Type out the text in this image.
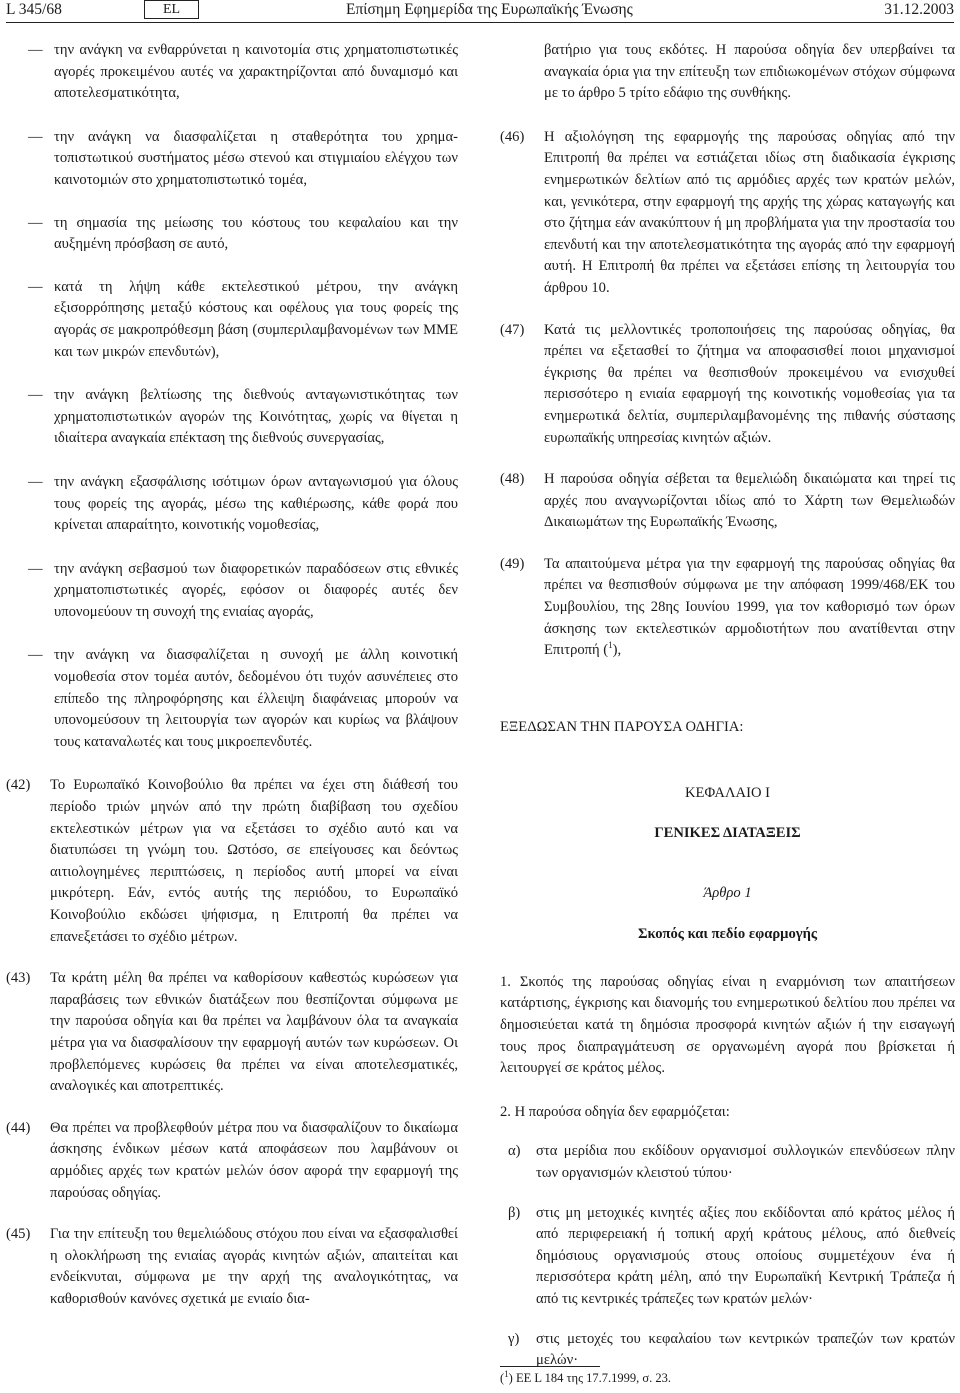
L 345/68	EL	Επίσημη Εφημερίδα της Ευρωπαϊκής Ένωσης	31.12.2003

— την ανάγκη να ενθαρρύνεται η καινοτομία στις χρηματοπιστωτικές αγορές προκειμένου αυτές να χαρακτηρίζονται από δυναμισμό και αποτελεσματικότητα,

— την ανάγκη να διασφαλίζεται η σταθερότητα του χρηματοπιστωτικού συστήματος μέσω στενού και στιγμιαίου ελέγχου των καινοτομιών στο χρηματοπιστωτικό τομέα,

— τη σημασία της μείωσης του κόστους του κεφαλαίου και την αυξημένη πρόσβαση σε αυτό,

— κατά τη λήψη κάθε εκτελεστικού μέτρου, την ανάγκη εξισορρόπησης μεταξύ κόστους και οφέλους για τους φορείς της αγοράς σε μακροπρόθεσμη βάση (συμπεριλαμβανομένων των ΜΜΕ και των μικρών επενδυτών),

— την ανάγκη βελτίωσης της διεθνούς ανταγωνιστικότητας των χρηματοπιστωτικών αγορών της Κοινότητας, χωρίς να θίγεται η ιδιαίτερα αναγκαία επέκταση της διεθνούς συνεργασίας,

— την ανάγκη εξασφάλισης ισότιμων όρων ανταγωνισμού για όλους τους φορείς της αγοράς, μέσω της καθιέρωσης, κάθε φορά που κρίνεται απαραίτητο, κοινοτικής νομοθεσίας,

— την ανάγκη σεβασμού των διαφορετικών παραδόσεων στις εθνικές χρηματοπιστωτικές αγορές, εφόσον οι διαφορές αυτές δεν υπονομεύουν τη συνοχή της ενιαίας αγοράς,

— την ανάγκη να διασφαλίζεται η συνοχή με άλλη κοινοτική νομοθεσία στον τομέα αυτόν, δεδομένου ότι τυχόν ασυνέπειες στο επίπεδο της πληροφόρησης και έλλειψη διαφάνειας μπορούν να υπονομεύσουν τη λειτουργία των αγορών και κυρίως να βλάψουν τους καταναλωτές και τους μικροεπενδυτές.

(42) Το Ευρωπαϊκό Κοινοβούλιο θα πρέπει να έχει στη διάθεσή του περίοδο τριών μηνών από την πρώτη διαβίβαση του σχεδίου εκτελεστικών μέτρων για να εξετάσει το σχέδιο αυτό και να διατυπώσει τη γνώμη του. Ωστόσο, σε επείγουσες και δεόντως αιτιολογημένες περιπτώσεις, η περίοδος αυτή μπορεί να είναι μικρότερη. Εάν, εντός αυτής της περιόδου, το Ευρωπαϊκό Κοινοβούλιο εκδώσει ψήφισμα, η Επιτροπή θα πρέπει να επανεξετάσει το σχέδιο μέτρων.

(43) Τα κράτη μέλη θα πρέπει να καθορίσουν καθεστώς κυρώσεων για παραβάσεις των εθνικών διατάξεων που θεσπίζονται σύμφωνα με την παρούσα οδηγία και θα πρέπει να λαμβάνουν όλα τα αναγκαία μέτρα για να διασφαλίσουν την εφαρμογή αυτών των κυρώσεων. Οι προβλεπόμενες κυρώσεις θα πρέπει να είναι αποτελεσματικές, αναλογικές και αποτρεπτικές.

(44) Θα πρέπει να προβλεφθούν μέτρα που να διασφαλίζουν το δικαίωμα άσκησης ένδικων μέσων κατά αποφάσεων που λαμβάνουν οι αρμόδιες αρχές των κρατών μελών όσον αφορά την εφαρμογή της παρούσας οδηγίας.

(45) Για την επίτευξη του θεμελιώδους στόχου που είναι να εξασφαλισθεί η ολοκλήρωση της ενιαίας αγοράς κινητών αξιών, απαιτείται και ενδείκνυται, σύμφωνα με την αρχή της αναλογικότητας, να καθορισθούν κανόνες σχετικά με ενιαίο δια-

βατήριο για τους εκδότες. Η παρούσα οδηγία δεν υπερβαίνει τα αναγκαία όρια για την επίτευξη των επιδιωκομένων στόχων σύμφωνα με το άρθρο 5 τρίτο εδάφιο της συνθήκης.

(46) Η αξιολόγηση της εφαρμογής της παρούσας οδηγίας από την Επιτροπή θα πρέπει να εστιάζεται ιδίως στη διαδικασία έγκρισης ενημερωτικών δελτίων από τις αρμόδιες αρχές των κρατών μελών, και, γενικότερα, στην εφαρμογή της αρχής της χώρας καταγωγής και στο ζήτημα εάν ανακύπτουν ή μη προβλήματα για την προστασία του επενδυτή και την αποτελεσματικότητα της αγοράς από την εφαρμογή αυτή. Η Επιτροπή θα πρέπει να εξετάσει επίσης τη λειτουργία του άρθρου 10.

(47) Κατά τις μελλοντικές τροποποιήσεις της παρούσας οδηγίας, θα πρέπει να εξετασθεί το ζήτημα να αποφασισθεί ποιοι μηχανισμοί έγκρισης θα πρέπει να θεσπισθούν προκειμένου να ενισχυθεί περισσότερο η ενιαία εφαρμογή της κοινοτικής νομοθεσίας για τα ενημερωτικά δελτία, συμπεριλαμβανομένης της πιθανής σύστασης ευρωπαϊκής υπηρεσίας κινητών αξιών.

(48) Η παρούσα οδηγία σέβεται τα θεμελιώδη δικαιώματα και τηρεί τις αρχές που αναγνωρίζονται ιδίως από το Χάρτη των Θεμελιωδών Δικαιωμάτων της Ευρωπαϊκής Ένωσης,

(49) Τα απαιτούμενα μέτρα για την εφαρμογή της παρούσας οδηγίας θα πρέπει να θεσπισθούν σύμφωνα με την απόφαση 1999/468/ΕΚ του Συμβουλίου, της 28ης Ιουνίου 1999, για τον καθορισμό των όρων άσκησης των εκτελεστικών αρμοδιοτήτων που ανατίθενται στην Επιτροπή ($^1$),

ΕΞΕΔΩΣΑΝ ΤΗΝ ΠΑΡΟΥΣΑ ΟΔΗΓΙΑ:

ΚΕΦΑΛΑΙΟ I

ΓΕΝΙΚΕΣ ΔΙΑΤΑΞΕΙΣ

Άρθρο 1

Σκοπός και πεδίο εφαρμογής

1. Σκοπός της παρούσας οδηγίας είναι η εναρμόνιση των απαιτήσεων κατάρτισης, έγκρισης και διανομής του ενημερωτικού δελτίου που πρέπει να δημοσιεύεται κατά τη δημόσια προσφορά κινητών αξιών ή την εισαγωγή τους προς διαπραγμάτευση σε οργανωμένη αγορά που βρίσκεται ή λειτουργεί σε κράτος μέλος.

2. Η παρούσα οδηγία δεν εφαρμόζεται:

α) στα μερίδια που εκδίδουν οργανισμοί συλλογικών επενδύσεων πλην των οργανισμών κλειστού τύπου·

β) στις μη μετοχικές κινητές αξίες που εκδίδονται από κράτος μέλος ή από περιφερειακή ή τοπική αρχή κράτους μέλους, από διεθνείς δημόσιους οργανισμούς στους οποίους συμμετέχουν ένα ή περισσότερα κράτη μέλη, από την Ευρωπαϊκή Κεντρική Τράπεζα ή από τις κεντρικές τράπεζες των κρατών μελών·

γ) στις μετοχές του κεφαλαίου των κεντρικών τραπεζών των κρατών μελών·

($^1$) ΕΕ L 184 της 17.7.1999, σ. 23.
